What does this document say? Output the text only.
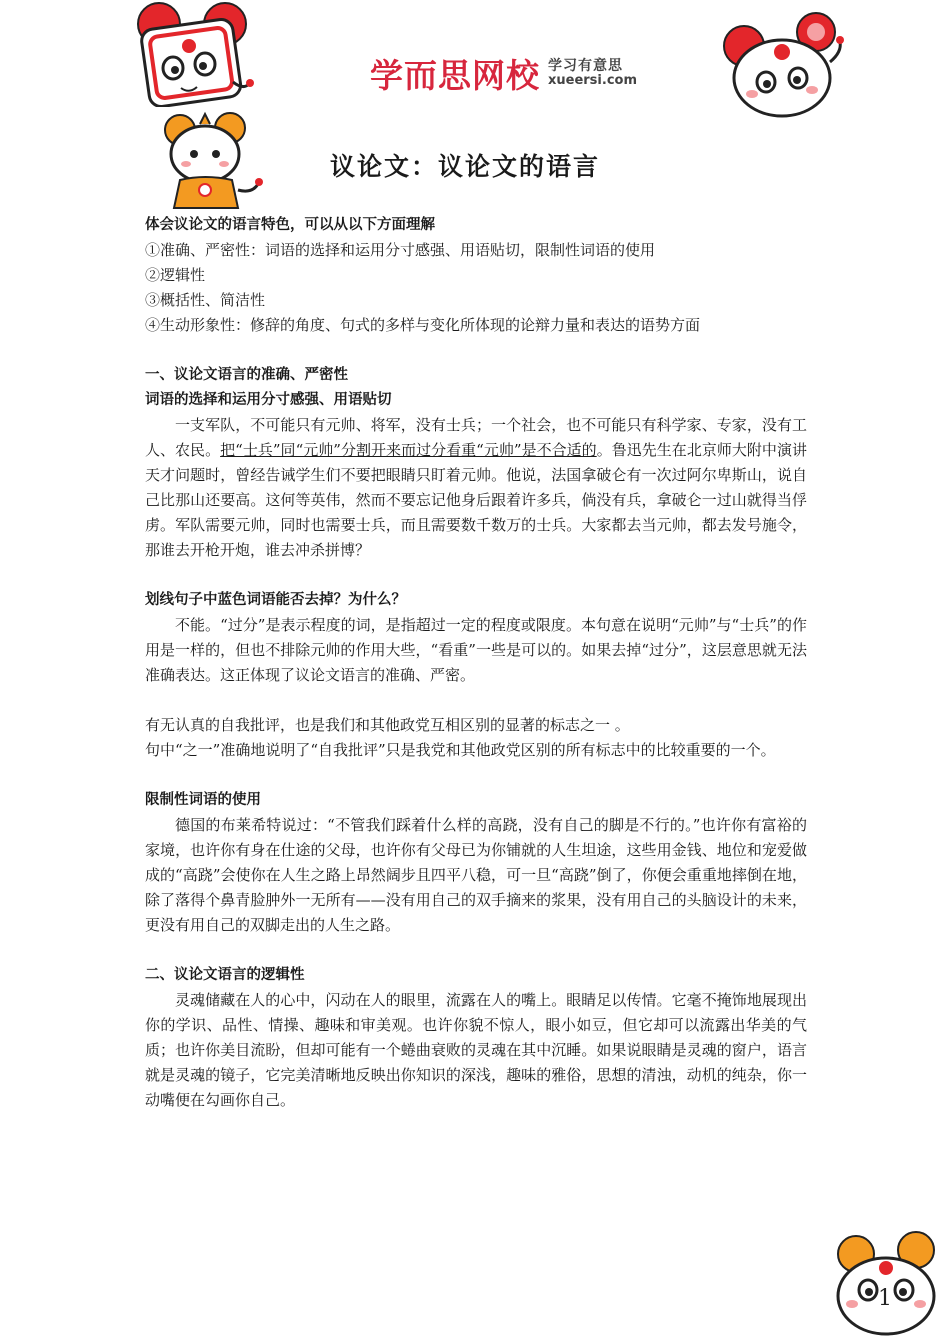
学而思网校 学习有意思
xueersi.com
议论文：议论文的语言

体会议论文的语言特色，可以从以下方面理解

①准确、严密性：词语的选择和运用分寸感强、用语贴切，限制性词语的使用

②逻辑性

③概括性、简洁性

④生动形象性：修辞的角度、句式的多样与变化所体现的论辩力量和表达的语势方面

一、议论文语言的准确、严密性

词语的选择和运用分寸感强、用语贴切

一支军队，不可能只有元帅、将军，没有士兵；一个社会，也不可能只有科学家、专家，没有工人、农民。把“士兵”同“元帅”分割开来而过分看重“元帅”是不合适的。鲁迅先生在北京师大附中演讲天才问题时，曾经告诫学生们不要把眼睛只盯着元帅。他说，法国拿破仑有一次过阿尔卑斯山，说自己比那山还要高。这何等英伟，然而不要忘记他身后跟着许多兵，倘没有兵，拿破仑一过山就得当俘虏。军队需要元帅，同时也需要士兵，而且需要数千数万的士兵。大家都去当元帅，都去发号施令，那谁去开枪开炮，谁去冲杀拼博？

划线句子中蓝色词语能否去掉？为什么？

不能。“过分”是表示程度的词，是指超过一定的程度或限度。本句意在说明“元帅”与“士兵”的作用是一样的，但也不排除元帅的作用大些，“看重”一些是可以的。如果去掉“过分”，这层意思就无法准确表达。这正体现了议论文语言的准确、严密。

有无认真的自我批评，也是我们和其他政党互相区别的显著的标志之一 。

句中“之一”准确地说明了“自我批评”只是我党和其他政党区别的所有标志中的比较重要的一个。

限制性词语的使用

德国的布莱希特说过：“不管我们踩着什么样的高跷，没有自己的脚是不行的。”也许你有富裕的家境，也许你有身在仕途的父母，也许你有父母已为你铺就的人生坦途，这些用金钱、地位和宠爱做成的“高跷”会使你在人生之路上昂然阔步且四平八稳，可一旦“高跷”倒了，你便会重重地摔倒在地，除了落得个鼻青脸肿外一无所有——没有用自己的双手摘来的浆果，没有用自己的头脑设计的未来，更没有用自己的双脚走出的人生之路。

二、议论文语言的逻辑性

灵魂储藏在人的心中，闪动在人的眼里，流露在人的嘴上。眼睛足以传情。它毫不掩饰地展现出你的学识、品性、情操、趣味和审美观。也许你貌不惊人，眼小如豆，但它却可以流露出华美的气质；也许你美目流盼，但却可能有一个蜷曲衰败的灵魂在其中沉睡。如果说眼睛是灵魂的窗户，语言就是灵魂的镜子，它完美清晰地反映出你知识的深浅，趣味的雅俗，思想的清浊，动机的纯杂，你一动嘴便在勾画你自己。

1
